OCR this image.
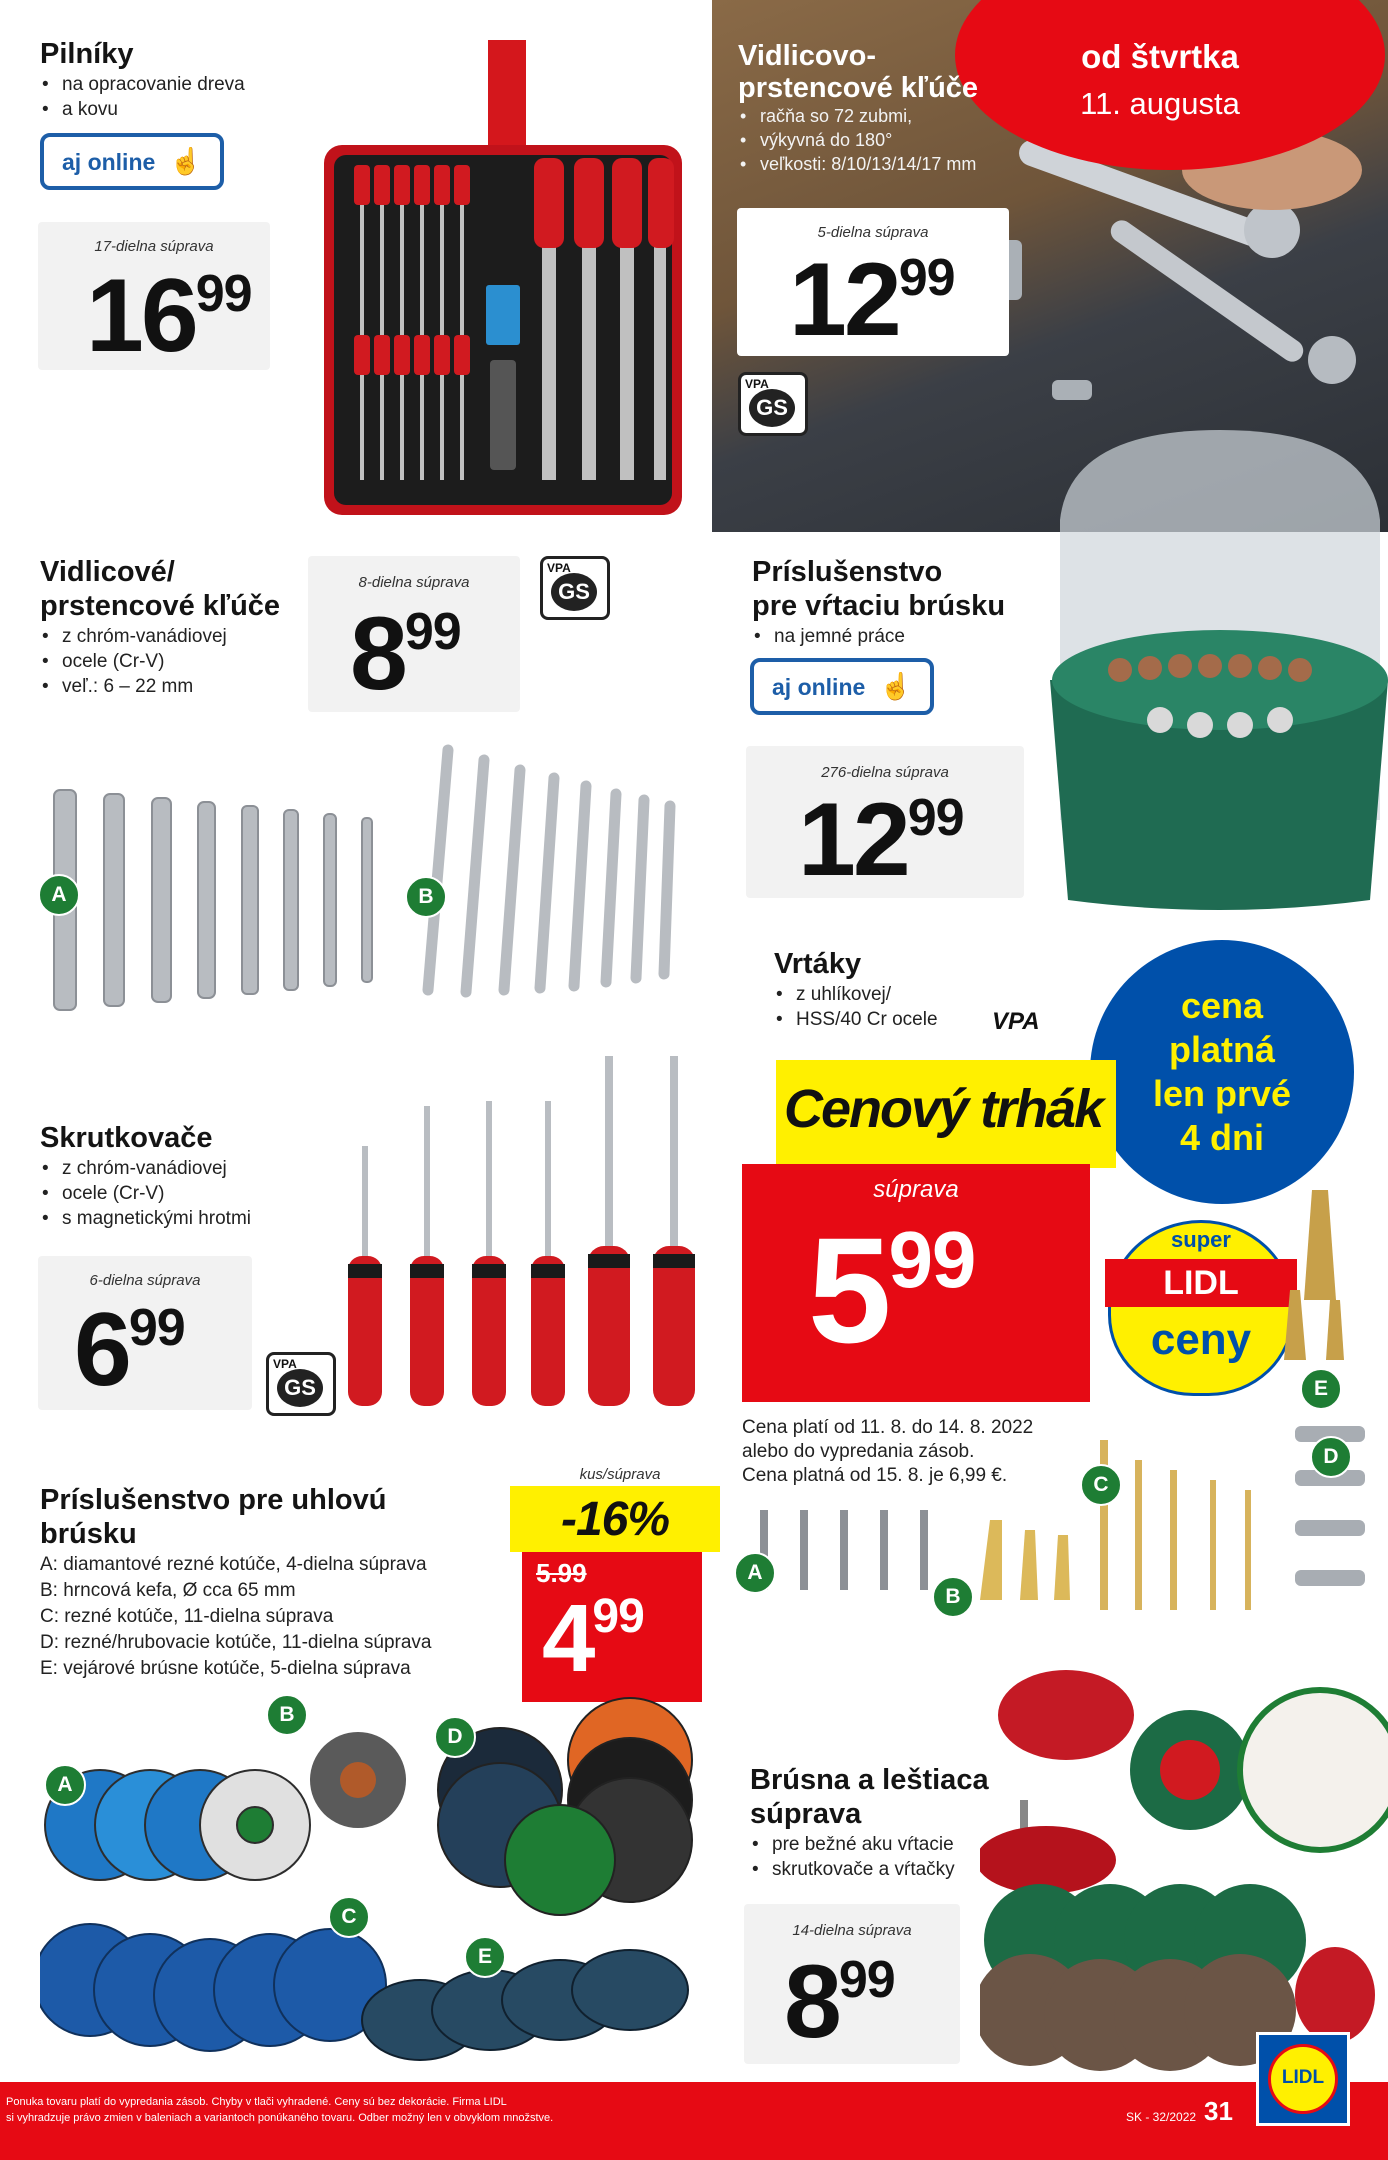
Pilníky
• na opracovanie dreva
• a kovu
aj online ☝
17-dielna súprava
1699
od štvrtka
11. augusta
Vidlicovo-
prstencové kľúče
• račňa so 72 zubmi,
• výkyvná do 180°
• veľkosti: 8/10/13/14/17 mm
5-dielna súprava
1299
VPA
GS
Vidlicové/
prstencové kľúče
• z chróm-vanádiovej
• ocele (Cr-V)
• veľ.: 6 – 22 mm
8-dielna súprava
899
VPA
GS
A	B
Príslušenstvo
pre vŕtaciu brúsku
• na jemné práce
aj online ☝
276-dielna súprava
1299
Vrtáky
• z uhlíkovej/
• HSS/40 Cr ocele VPA	cena
platná
len prvé
4 dni
Cenový trhák
súprava
599
Cena platí od 11. 8. do 14. 8. 2022
alebo do vypredania zásob.
Cena platná od 15. 8. je 6,99 €.
super
LIDL
ceny
E
D
C
B
A
Skrutkovače
• z chróm-vanádiovej
• ocele (Cr-V)
• s magnetickými hrotmi
6-dielna súprava
699
VPA
GS
Príslušenstvo pre uhlovú
brúsku
A: diamantové rezné kotúče, 4-dielna súprava
B: hrncová kefa, Ø cca 65 mm
C: rezné kotúče, 11-dielna súprava
D: rezné/hrubovacie kotúče, 11-dielna súprava
E: vejárové brúsne kotúče, 5-dielna súprava
kus/súprava
-16%
5.99
499
A
B
C
D
E
Brúsna a leštiaca
súprava
• pre bežné aku vŕtacie
• skrutkovače a vŕtačky
14-dielna súprava
899
Ponuka tovaru platí do vypredania zásob. Chyby v tlači vyhradené. Ceny sú bez dekorácie. Firma LIDL
si vyhradzuje právo zmien v baleniach a variantoch ponúkaného tovaru. Odber možný len v obvyklom množstve.	SK - 32/2022 31
LIDL
